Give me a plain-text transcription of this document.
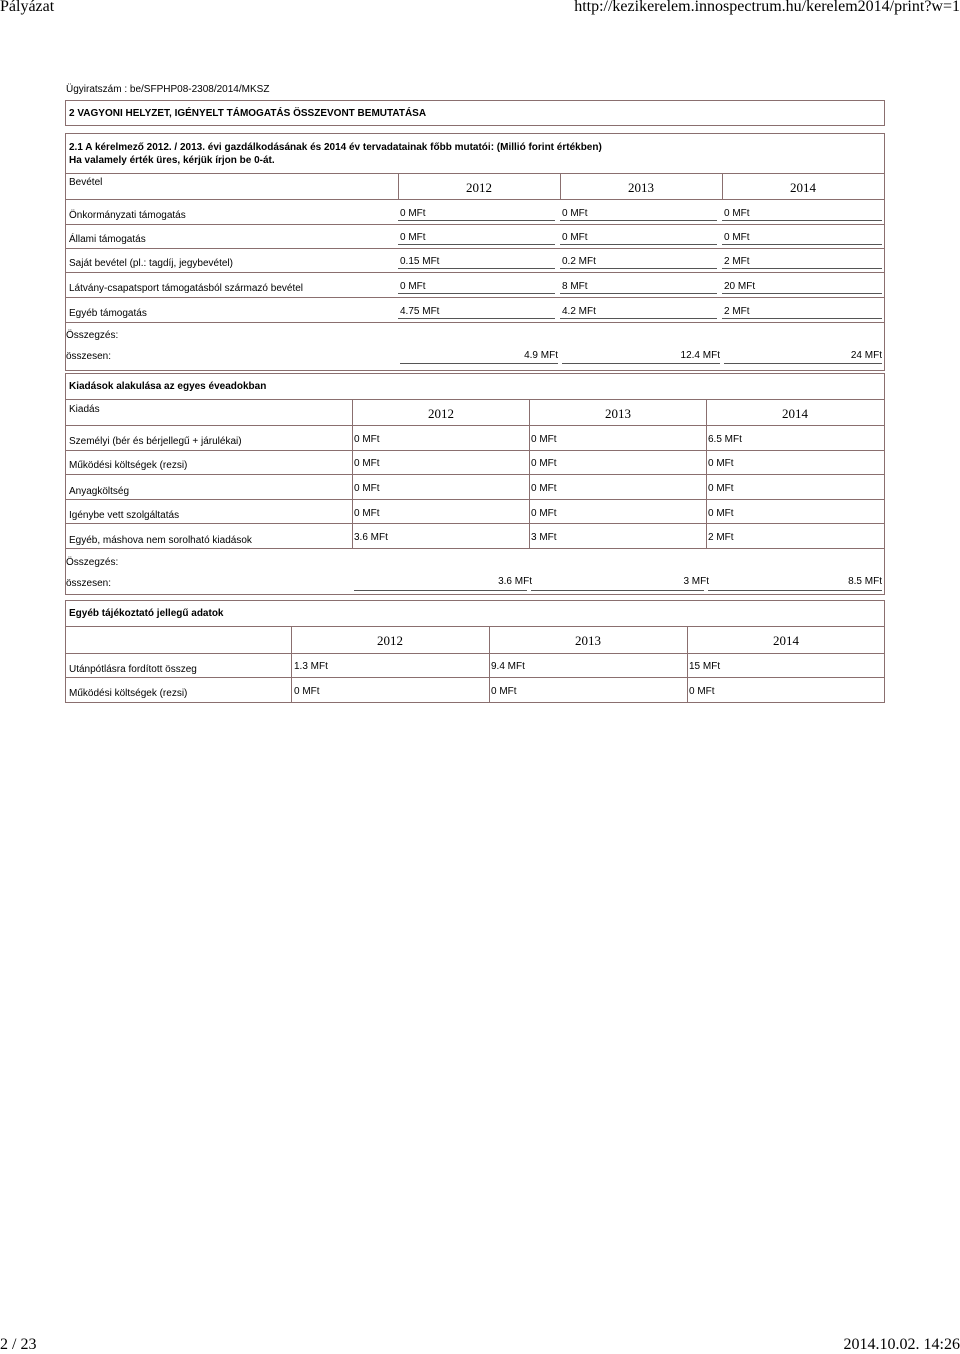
Pályázat	http://kezikerelem.innospectrum.hu/kerelem2014/print?w=1
2 / 23	2014.10.02. 14:26
Ügyiratszám : be/SFPHP08-2308/2014/MKSZ
2 VAGYONI HELYZET, IGÉNYELT TÁMOGATÁS ÖSSZEVONT BEMUTATÁSA
2.1 A kérelmező 2012. / 2013. évi gazdálkodásának és 2014 év tervadatainak főbb mutatói: (Millió forint értékben)
Ha valamely érték üres, kérjük írjon be 0-át.
Bevétel	2012	2013	2014
Önkormányzati támogatás	0 MFt	0 MFt	0 MFt
Állami támogatás	0 MFt	0 MFt	0 MFt
Saját bevétel (pl.: tagdíj, jegybevétel)	0.15 MFt	0.2 MFt	2 MFt
Látvány-csapatsport támogatásból származó bevétel	0 MFt	8 MFt	20 MFt
Egyéb támogatás	4.75 MFt	4.2 MFt	2 MFt
Összegzés:
összesen:	4.9 MFt	12.4 MFt	24 MFt
Kiadások alakulása az egyes éveadokban
Kiadás	2012	2013	2014
Személyi (bér és bérjellegű + járulékai)	0 MFt	0 MFt	6.5 MFt
Működési költségek (rezsi)	0 MFt	0 MFt	0 MFt
Anyagköltség	0 MFt	0 MFt	0 MFt
Igénybe vett szolgáltatás	0 MFt	0 MFt	0 MFt
Egyéb, máshova nem sorolható kiadások	3.6 MFt	3 MFt	2 MFt
Összegzés:
összesen:	3.6 MFt	3 MFt	8.5 MFt
Egyéb tájékoztató jellegű adatok
2012	2013	2014
Utánpótlásra fordított összeg	1.3 MFt	9.4 MFt	15 MFt
Működési költségek (rezsi)	0 MFt	0 MFt	0 MFt
